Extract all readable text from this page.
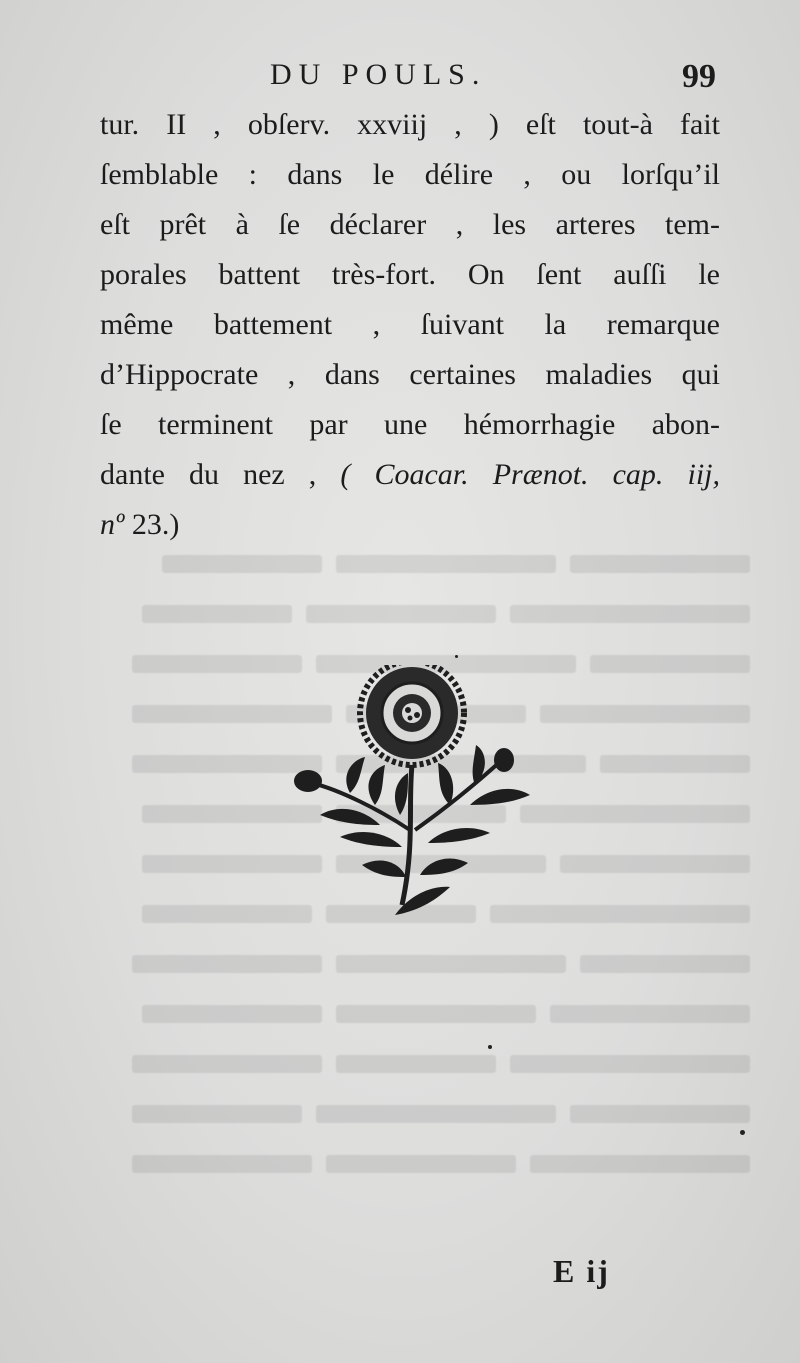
DU POULS.	99
tur. II , obſerv. xxviij , ) eſt tout-à fait
ſemblable : dans le délire , ou lorſqu’il
eſt prêt à ſe déclarer , les arteres tem-
porales battent très-fort. On ſent auſſi le
même battement , ſuivant la remarque
d’Hippocrate , dans certaines maladies qui
ſe terminent par une hémorrhagie abon-
dante du nez , ( Coacar. Prænot. cap. iij,
nº 23.)
E ij
